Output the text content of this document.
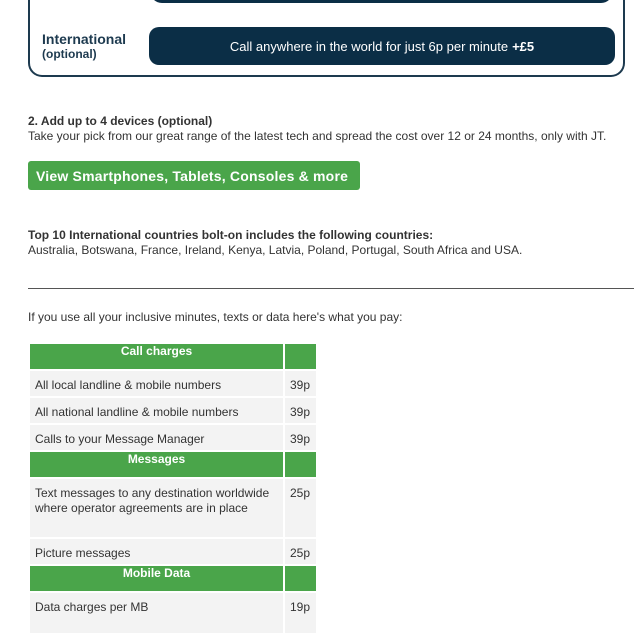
International
(optional)
Call anywhere in the world for just 6p per minute +£5
2. Add up to 4 devices (optional)
Take your pick from our great range of the latest tech and spread the cost over 12 or 24 months, only with JT.
View Smartphones, Tablets, Consoles & more
Top 10 International countries bolt-on includes the following countries:
Australia, Botswana, France, Ireland, Kenya, Latvia, Poland, Portugal, South Africa and USA.
If you use all your inclusive minutes, texts or data here's what you pay:
Call charges	
All local landline & mobile numbers	39p
All national landline & mobile numbers	39p
Calls to your Message Manager	39p
Messages	
Text messages to any destination worldwide where operator agreements are in place	25p
Picture messages	25p
Mobile Data	
Data charges per MB	19p
